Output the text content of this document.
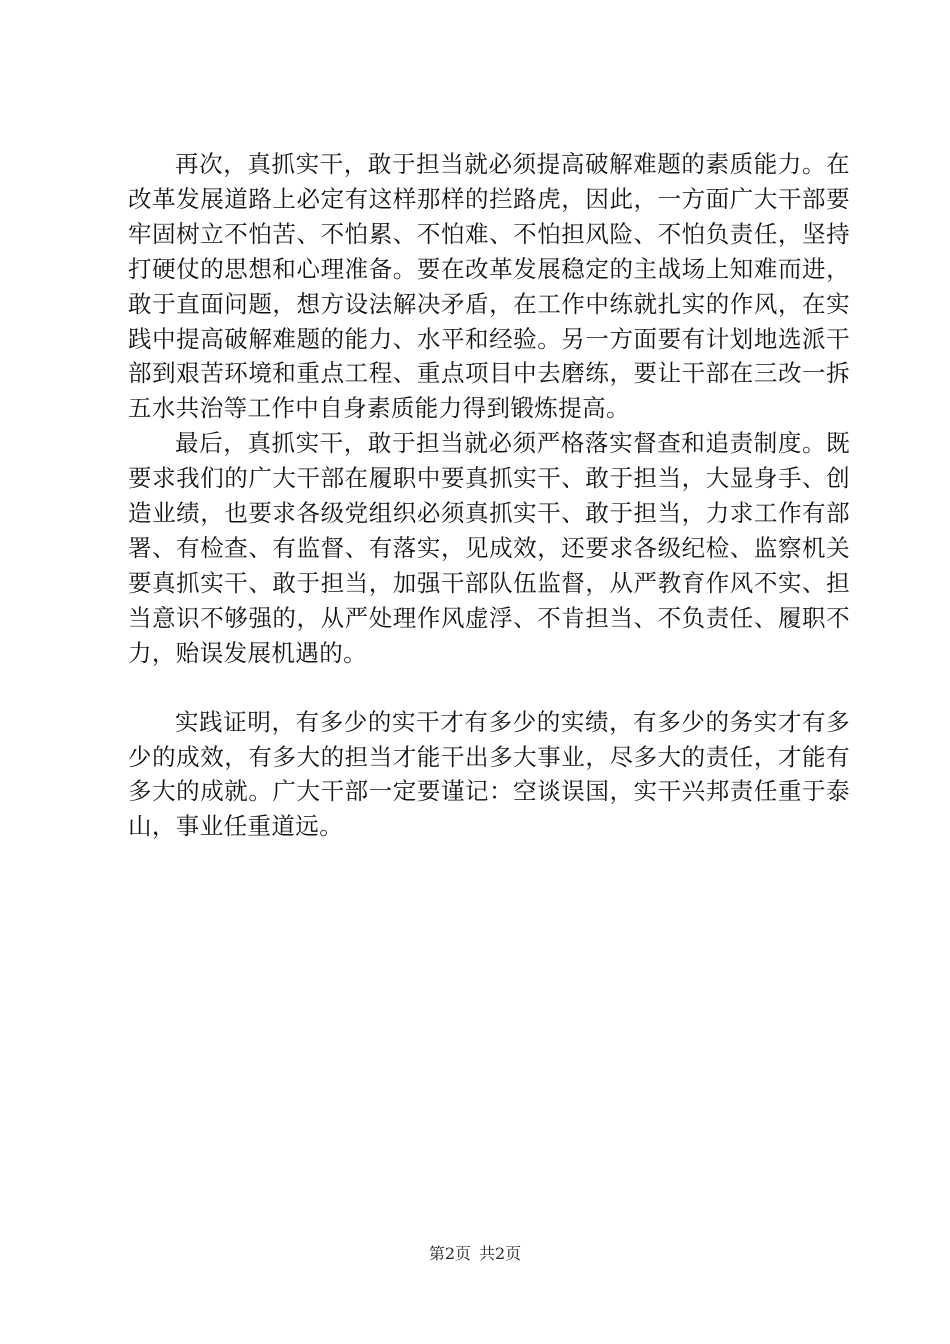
再次，真抓实干，敢于担当就必须提高破解难题的素质能力。在改革发展道路上必定有这样那样的拦路虎，因此，一方面广大干部要牢固树立不怕苦、不怕累、不怕难、不怕担风险、不怕负责任，坚持打硬仗的思想和心理准备。要在改革发展稳定的主战场上知难而进，敢于直面问题，想方设法解决矛盾，在工作中练就扎实的作风，在实践中提高破解难题的能力、水平和经验。另一方面要有计划地选派干部到艰苦环境和重点工程、重点项目中去磨练，要让干部在三改一拆五水共治等工作中自身素质能力得到锻炼提高。

最后，真抓实干，敢于担当就必须严格落实督查和追责制度。既要求我们的广大干部在履职中要真抓实干、敢于担当，大显身手、创造业绩，也要求各级党组织必须真抓实干、敢于担当，力求工作有部署、有检查、有监督、有落实，见成效，还要求各级纪检、监察机关要真抓实干、敢于担当，加强干部队伍监督，从严教育作风不实、担当意识不够强的，从严处理作风虚浮、不肯担当、不负责任、履职不力，贻误发展机遇的。

实践证明，有多少的实干才有多少的实绩，有多少的务实才有多少的成效，有多大的担当才能干出多大事业，尽多大的责任，才能有多大的成就。广大干部一定要谨记：空谈误国，实干兴邦责任重于泰山，事业任重道远。

第2页 共2页
